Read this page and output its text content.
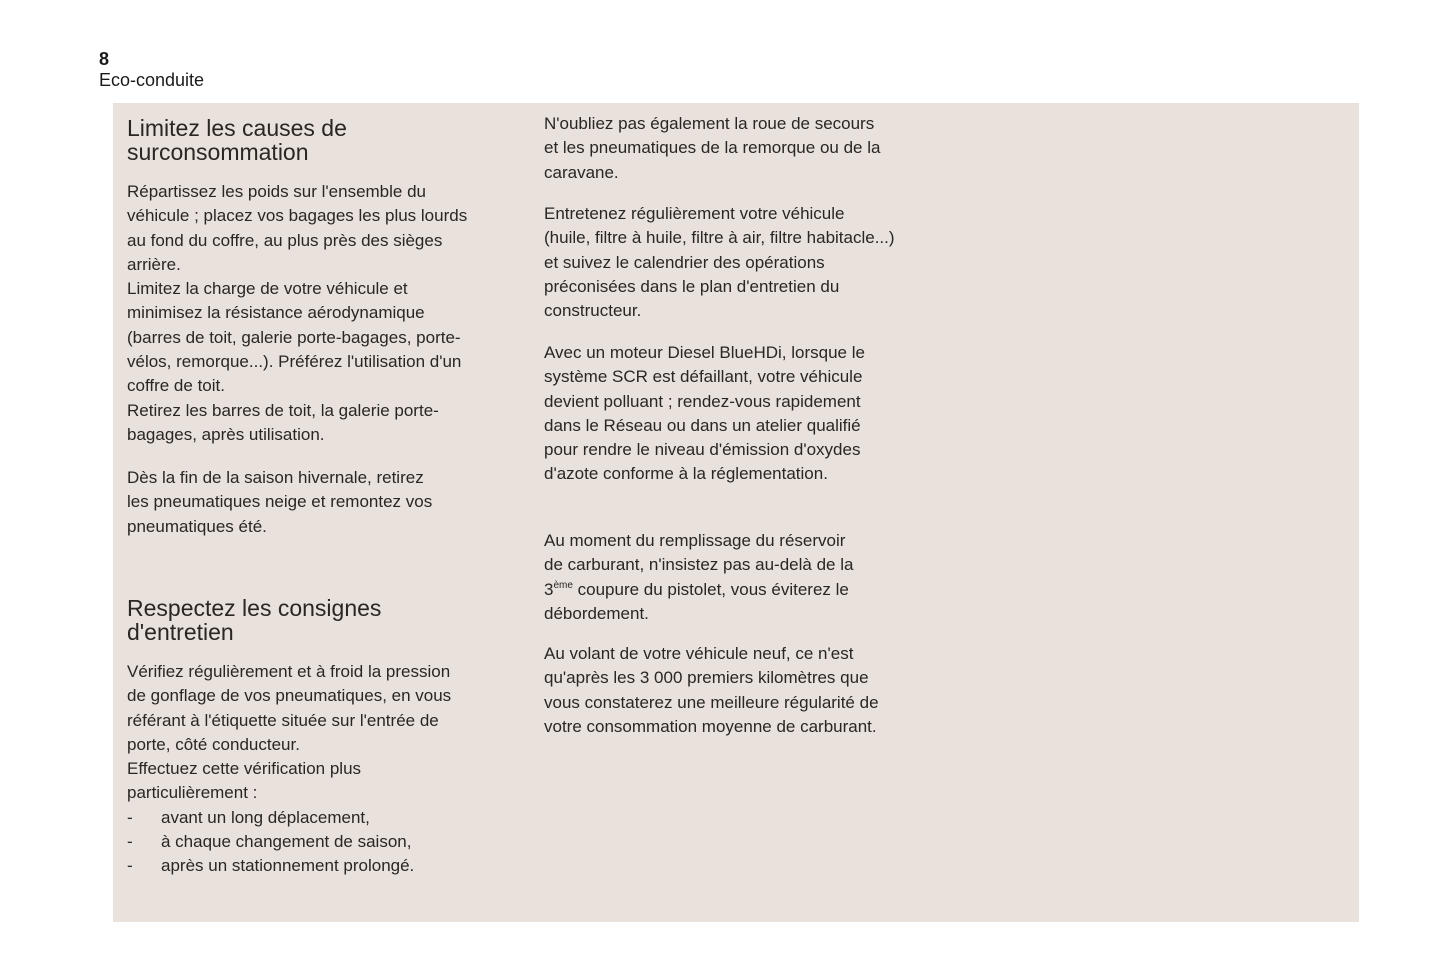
8
Eco-conduite
Limitez les causes de
surconsommation

Répartissez les poids sur l'ensemble du
véhicule ; placez vos bagages les plus lourds
au fond du coffre, au plus près des sièges
arrière.
Limitez la charge de votre véhicule et
minimisez la résistance aérodynamique
(barres de toit, galerie porte-bagages, porte-
vélos, remorque...). Préférez l'utilisation d'un
coffre de toit.
Retirez les barres de toit, la galerie porte-
bagages, après utilisation.

Dès la fin de la saison hivernale, retirez
les pneumatiques neige et remontez vos
pneumatiques été.

Respectez les consignes
d'entretien

Vérifiez régulièrement et à froid la pression
de gonflage de vos pneumatiques, en vous
référant à l'étiquette située sur l'entrée de
porte, côté conducteur.
Effectuez cette vérification plus
particulièrement :

- avant un long déplacement,
- à chaque changement de saison,
- après un stationnement prolongé.

N'oubliez pas également la roue de secours
et les pneumatiques de la remorque ou de la
caravane.

Entretenez régulièrement votre véhicule
(huile, filtre à huile, filtre à air, filtre habitacle...)
et suivez le calendrier des opérations
préconisées dans le plan d'entretien du
constructeur.

Avec un moteur Diesel BlueHDi, lorsque le
système SCR est défaillant, votre véhicule
devient polluant ; rendez-vous rapidement
dans le Réseau ou dans un atelier qualifié
pour rendre le niveau d'émission d'oxydes
d'azote conforme à la réglementation.

Au moment du remplissage du réservoir
de carburant, n'insistez pas au-delà de la
3ème coupure du pistolet, vous éviterez le
débordement.

Au volant de votre véhicule neuf, ce n'est
qu'après les 3 000 premiers kilomètres que
vous constaterez une meilleure régularité de
votre consommation moyenne de carburant.
